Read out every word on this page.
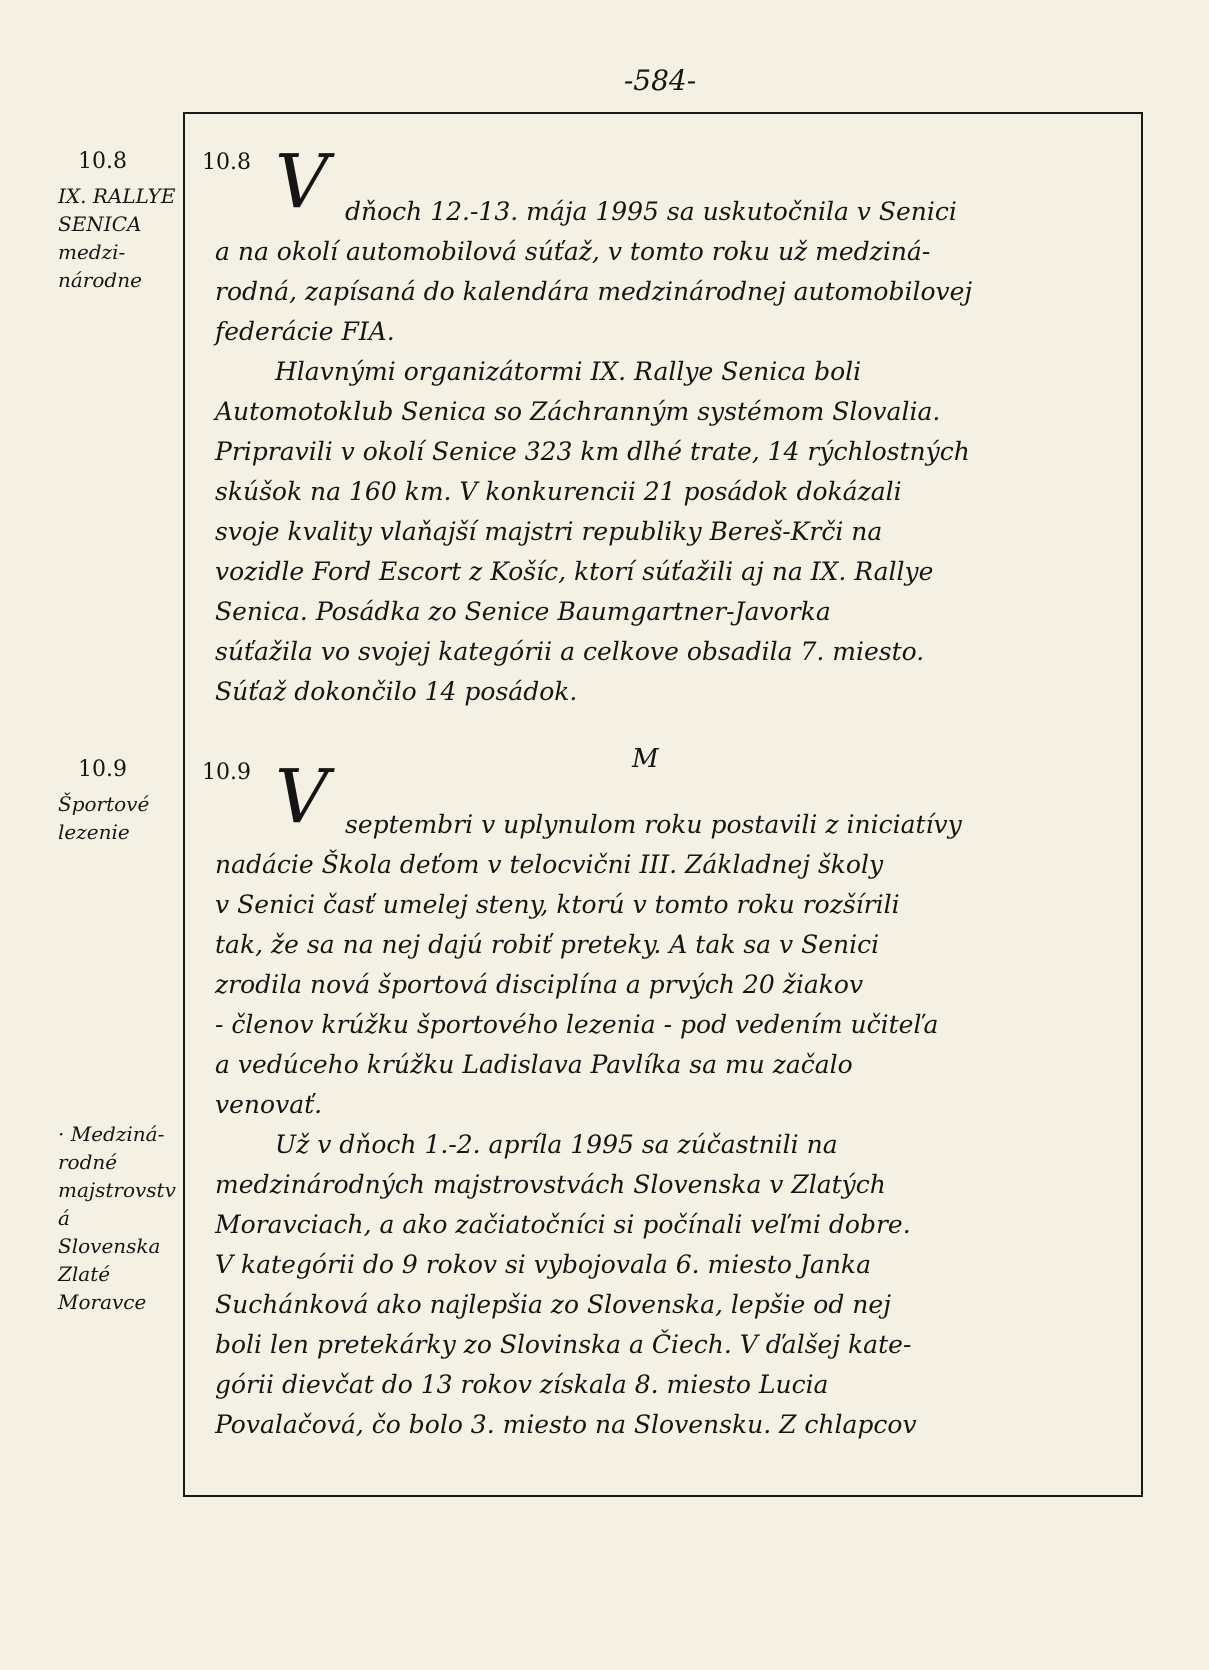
-584-
10.8
IX. RALLYE
SENICA
medzi-
národne
10.9
Športové
lezenie
· Medziná-
rodné
majstrovstvá
Slovenska
Zlaté
Moravce
10.8 V dňoch 12.-13. mája 1995 sa uskutočnila v Senici
a na okolí automobilová súťaž, v tomto roku už medziná-
rodná, zapísaná do kalendára medzinárodnej automobilovej
federácie FIA.
Hlavnými organizátormi IX. Rallye Senica boli
Automotoklub Senica so Záchranným systémom Slovalia.
Pripravili v okolí Senice 323 km dlhé trate, 14 rýchlostných
skúšok na 160 km. V konkurencii 21 posádok dokázali
svoje kvality vlaňajší majstri republiky Bereš-Krči na
vozidle Ford Escort z Košíc, ktorí súťažili aj na IX. Rallye
Senica. Posádka zo Senice Baumgartner-Javorka
súťažila vo svojej kategórii a celkove obsadila 7. miesto.
Súťaž dokončilo 14 posádok.
10.9	M
V septembri v uplynulom roku postavili z iniciatívy
nadácie Škola deťom v telocvični III. Základnej školy
v Senici časť umelej steny, ktorú v tomto roku rozšírili
tak, že sa na nej dajú robiť preteky. A tak sa v Senici
zrodila nová športová disciplína a prvých 20 žiakov
- členov krúžku športového lezenia - pod vedením učiteľa
a vedúceho krúžku Ladislava Pavlíka sa mu začalo
venovať.
Už v dňoch 1.-2. apríla 1995 sa zúčastnili na
medzinárodných majstrovstvách Slovenska v Zlatých
Moravciach, a ako začiatočníci si počínali veľmi dobre.
V kategórii do 9 rokov si vybojovala 6. miesto Janka
Suchánková ako najlepšia zo Slovenska, lepšie od nej
boli len pretekárky zo Slovinska a Čiech. V ďalšej kate-
górii dievčat do 13 rokov získala 8. miesto Lucia
Povalačová, čo bolo 3. miesto na Slovensku. Z chlapcov
